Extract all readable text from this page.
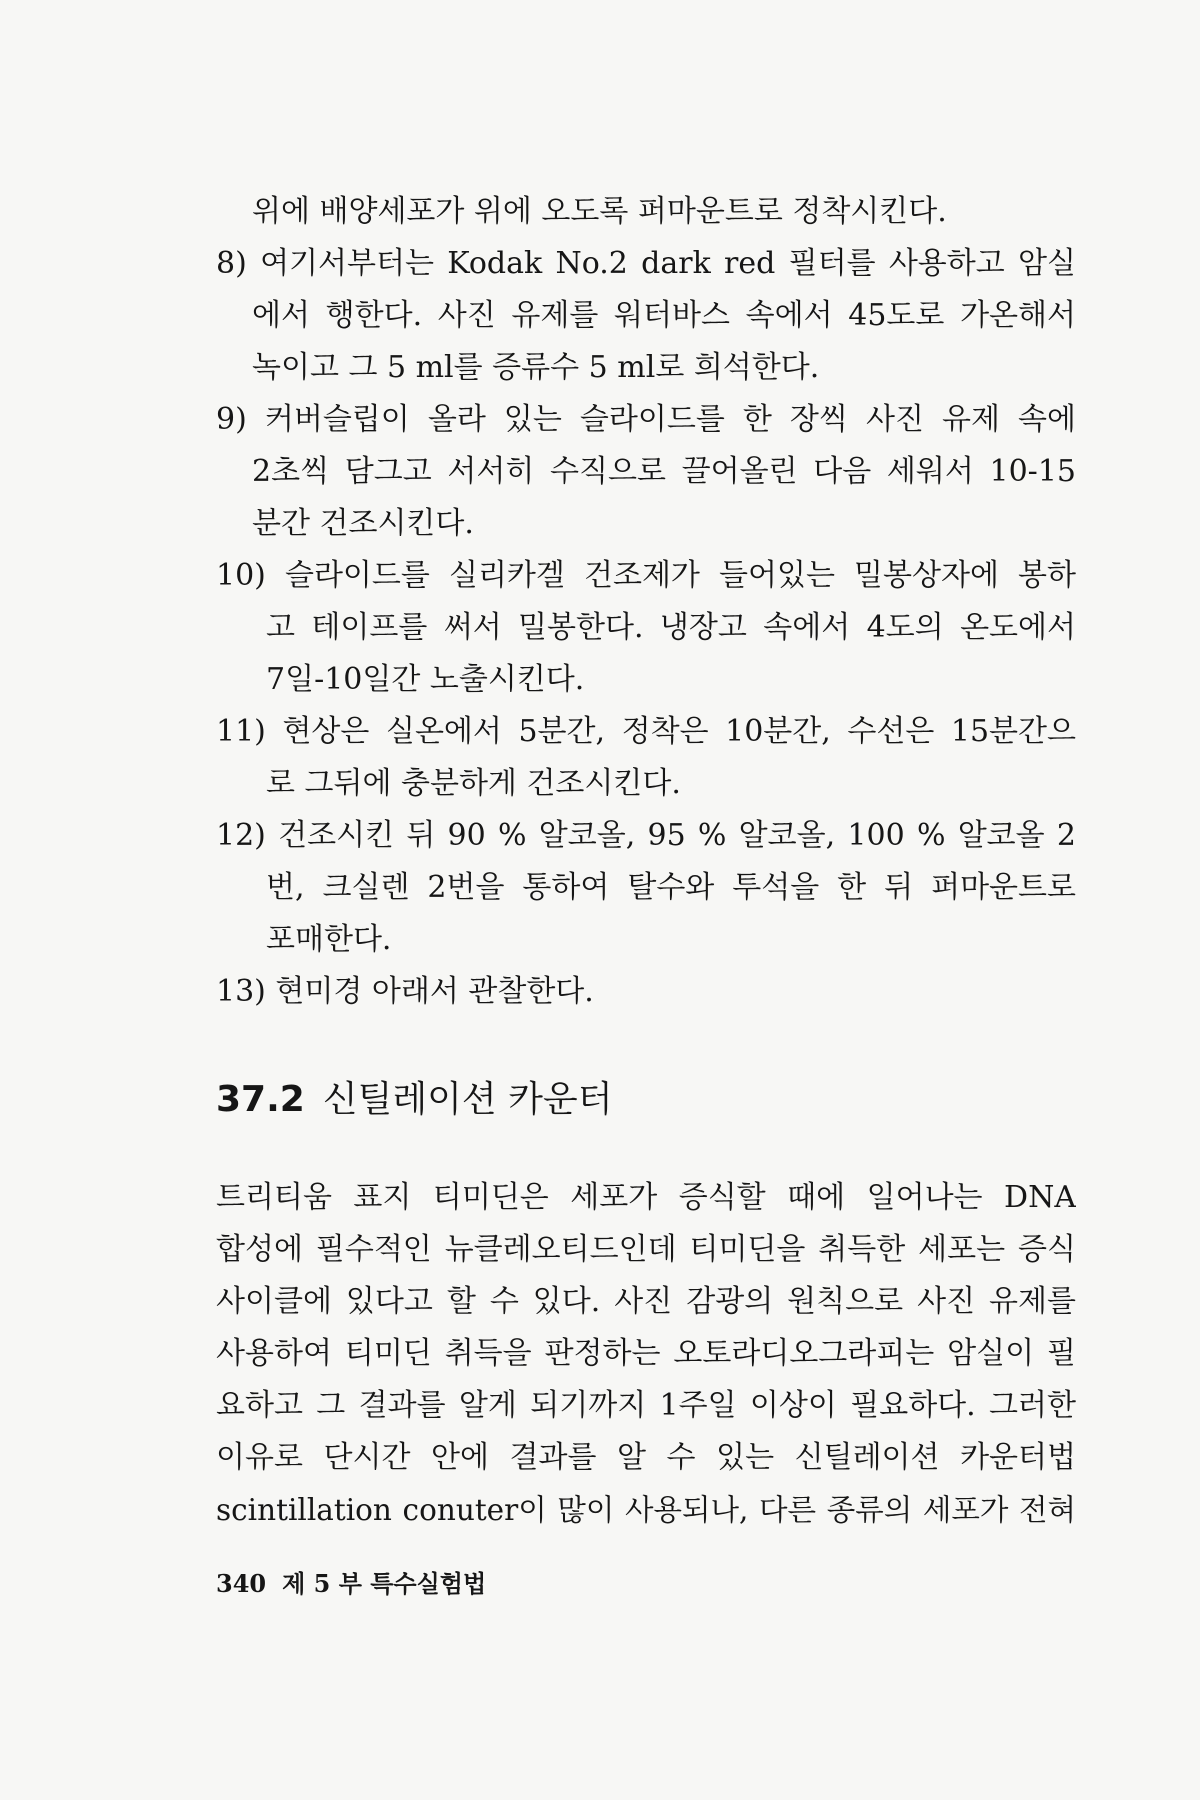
위에 배양세포가 위에 오도록 퍼마운트로 정착시킨다.
8) 여기서부터는 Kodak No.2 dark red 필터를 사용하고 암실
에서 행한다. 사진 유제를 워터바스 속에서 45도로 가온해서
녹이고 그 5 ml를 증류수 5 ml로 희석한다.
9) 커버슬립이 올라 있는 슬라이드를 한 장씩 사진 유제 속에
2초씩 담그고 서서히 수직으로 끌어올린 다음 세워서 10-15
분간 건조시킨다.
10) 슬라이드를 실리카겔 건조제가 들어있는 밀봉상자에 봉하
고 테이프를 써서 밀봉한다. 냉장고 속에서 4도의 온도에서
7일-10일간 노출시킨다.
11) 현상은 실온에서 5분간, 정착은 10분간, 수선은 15분간으
로 그뒤에 충분하게 건조시킨다.
12) 건조시킨 뒤 90 % 알코올, 95 % 알코올, 100 % 알코올 2
번, 크실렌 2번을 통하여 탈수와 투석을 한 뒤 퍼마운트로
포매한다.
13) 현미경 아래서 관찰한다.
37.2 신틸레이션 카운터
트리티움 표지 티미딘은 세포가 증식할 때에 일어나는 DNA
합성에 필수적인 뉴클레오티드인데 티미딘을 취득한 세포는 증식
사이클에 있다고 할 수 있다. 사진 감광의 원칙으로 사진 유제를
사용하여 티미딘 취득을 판정하는 오토라디오그라피는 암실이 필
요하고 그 결과를 알게 되기까지 1주일 이상이 필요하다. 그러한
이유로 단시간 안에 결과를 알 수 있는 신틸레이션 카운터법
scintillation conuter이 많이 사용되나, 다른 종류의 세포가 전혀
340 제 5 부 특수실험법
